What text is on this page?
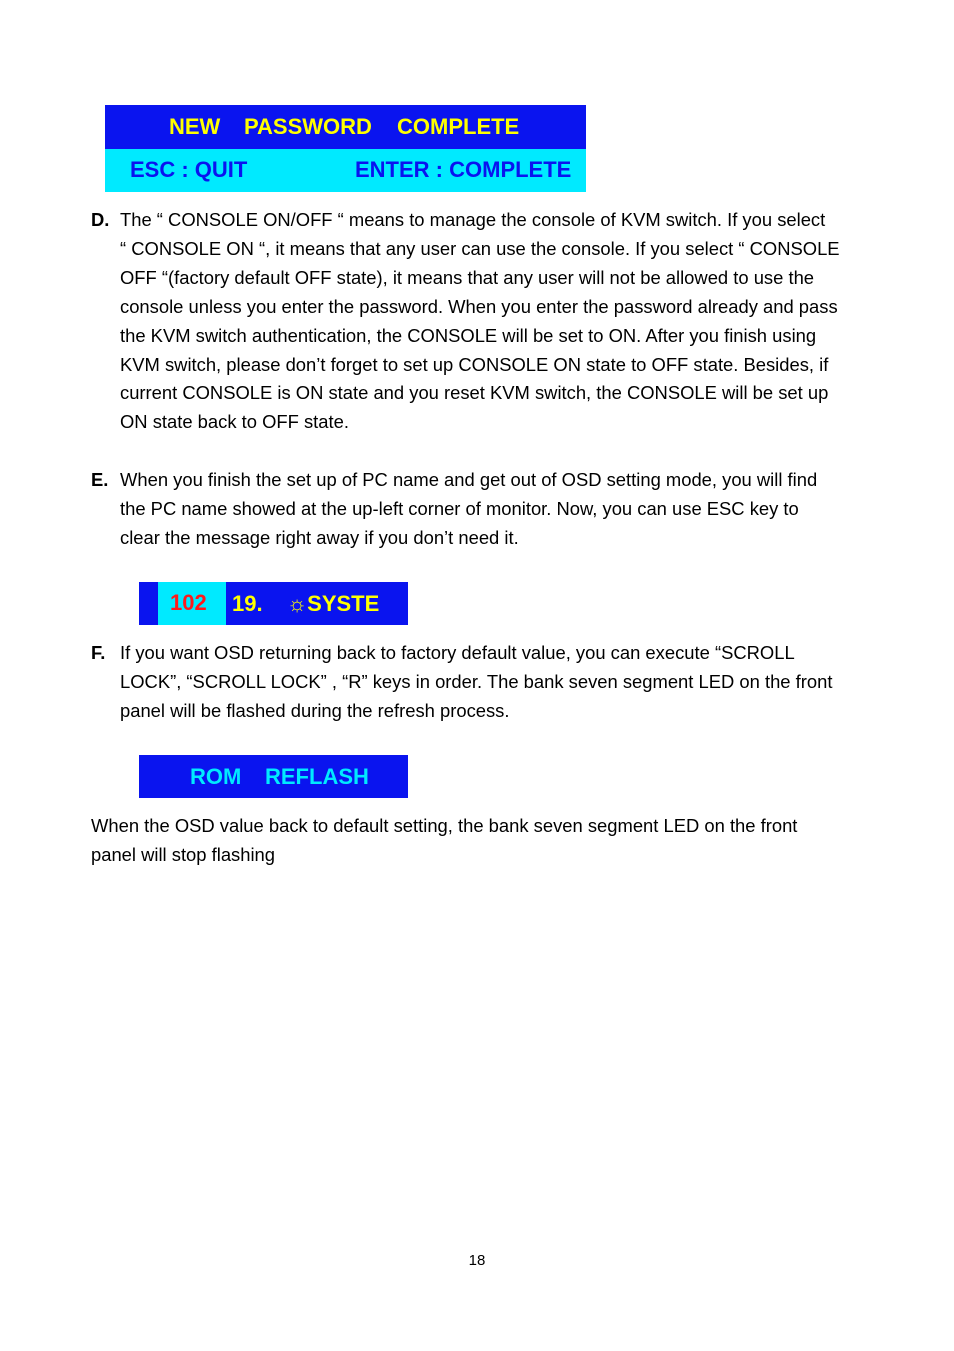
NEW PASSWORD COMPLETE
ESC : QUIT	ENTER : COMPLETE
D. The “ CONSOLE ON/OFF “ means to manage the console of KVM switch. If you select
“ CONSOLE ON “, it means that any user can use the console. If you select “ CONSOLE
OFF “(factory default OFF state), it means that any user will not be allowed to use the
console unless you enter the password. When you enter the password already and pass
the KVM switch authentication, the CONSOLE will be set to ON. After you finish using
KVM switch, please don’t forget to set up CONSOLE ON state to OFF state. Besides, if
current CONSOLE is ON state and you reset KVM switch, the CONSOLE will be set up
ON state back to OFF state.
E. When you finish the set up of PC name and get out of OSD setting mode, you will find
the PC name showed at the up-left corner of monitor. Now, you can use ESC key to
clear the message right away if you don’t need it.
102 19. ☼SYSTE
F. If you want OSD returning back to factory default value, you can execute “SCROLL
LOCK”, “SCROLL LOCK” , “R” keys in order. The bank seven segment LED on the front
panel will be flashed during the refresh process.
ROM REFLASH
When the OSD value back to default setting, the bank seven segment LED on the front
panel will stop flashing
18
